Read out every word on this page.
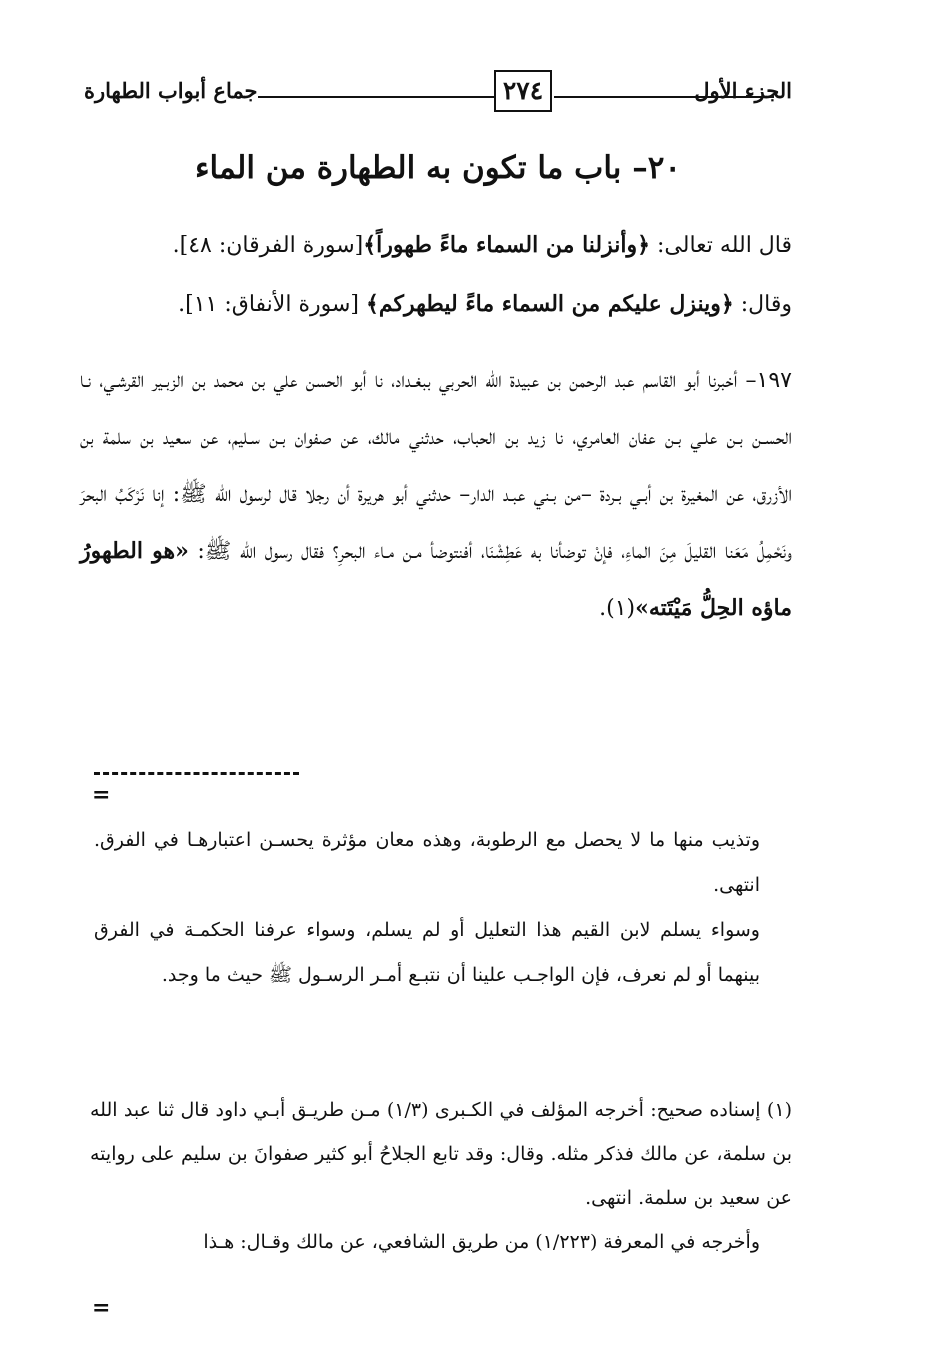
الجزء الأول
٢٧٤
جماع أبواب الطهارة
٢٠– باب ما تكون به الطهارة من الماء
قال الله تعالى: ﴿وأنزلنا من السماء ماءً طهوراً﴾[سورة الفرقان: ٤٨].
وقال: ﴿وينزل عليكم من السماء ماءً ليطهركم﴾ [سورة الأنفاق: ١١].
١٩٧– أخبرنا أبو القاسم عبد الرحمن بن عبيدة الله الحربي ببغـداد، نا أبو الحسن علي بن محمد بن الزبـير القرشـي، نـا الحسـن بـن علـي بـن عفان العامري، نا زيد بن الحباب، حدثني مالك، عن صفوان بـن سـليم، عن سعيد بن سلمة بن الأزرق، عن المغيرة بن أبـي بـردة –من بـني عبـد الدار– حدثني أبو هريرة أن رجلا قال لرسول الله ﷺ: إنا نَرْكَبُ البحرَ ونَحْمِلُ مَعَنا القليلَ مِنَ الماءِ، فإنْ توضأنا به عَطِشْنَا، أفنتوضأ مـن مـاء البحرِ؟ فقال رسول الله ﷺ: «هو الطهورُ ماؤه الحِلُّ مَيْتَته»(١).
=

وتذيب منها ما لا يحصل مع الرطوبة، وهذه معان مؤثرة يحسـن اعتبارهـا في الفرق. انتهى.

وسواء يسلم لابن القيم هذا التعليل أو لم يسلم، وسواء عرفنا الحكمـة في الفرق بينهما أو لم نعرف، فإن الواجـب علينا أن نتبـع أمـر الرسـول ﷺ حيث ما وجد.

(١) إسناده صحيح: أخرجه المؤلف في الكـبرى (١/٣) مـن طريـق أبـي داود قال ثنا عبد الله بن سلمة، عن مالك فذكر مثله. وقال: وقد تابع الجلاحُ أبو كثير صفوانَ بن سليم على روايته عن سعيد بن سلمة. انتهى.

وأخرجه في المعرفة (١/٢٢٣) من طريق الشافعي، عن مالك وقـال: هـذا

=
